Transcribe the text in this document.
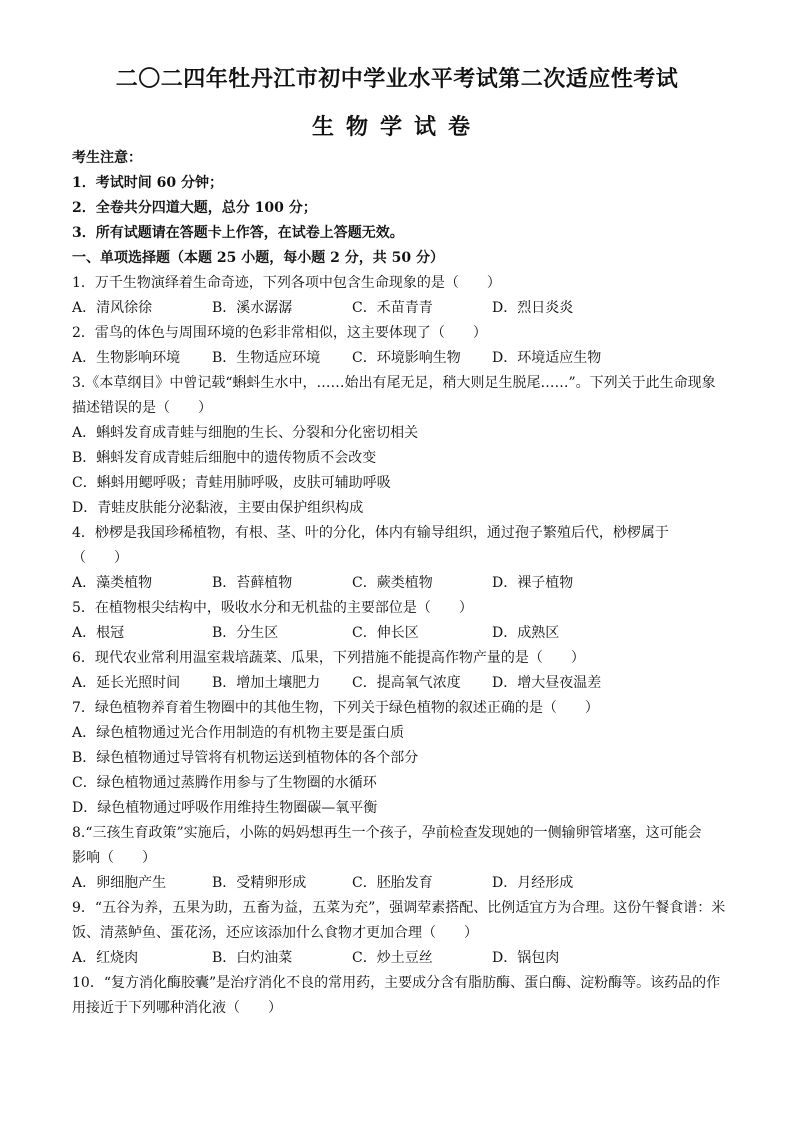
二〇二四年牡丹江市初中学业水平考试第二次适应性考试
生物学试卷
考生注意：
1．考试时间 60 分钟；
2．全卷共分四道大题，总分 100 分；
3．所有试题请在答题卡上作答，在试卷上答题无效。
一、单项选择题（本题 25 小题，每小题 2 分，共 50 分）
1．万千生物演绎着生命奇迹，下列各项中包含生命现象的是（　　）
A．清风徐徐	B．溪水潺潺	C．禾苗青青	D．烈日炎炎
2．雷鸟的体色与周围环境的色彩非常相似，这主要体现了（　　）
A．生物影响环境	B．生物适应环境	C．环境影响生物	D．环境适应生物
3.《本草纲目》中曾记载“蝌蚪生水中，……始出有尾无足，稍大则足生脱尾……”。下列关于此生命现象
描述错误的是（　　）
A．蝌蚪发育成青蛙与细胞的生长、分裂和分化密切相关
B．蝌蚪发育成青蛙后细胞中的遗传物质不会改变
C．蝌蚪用鳃呼吸；青蛙用肺呼吸，皮肤可辅助呼吸
D．青蛙皮肤能分泌黏液，主要由保护组织构成
4．桫椤是我国珍稀植物，有根、茎、叶的分化，体内有输导组织，通过孢子繁殖后代，桫椤属于
（　　）
A．藻类植物	B．苔藓植物	C．蕨类植物	D．裸子植物
5．在植物根尖结构中，吸收水分和无机盐的主要部位是（　　）
A．根冠	B．分生区	C．伸长区	D．成熟区
6．现代农业常利用温室栽培蔬菜、瓜果，下列措施不能提高作物产量的是（　　）
A．延长光照时间	B．增加土壤肥力	C．提高氧气浓度	D．增大昼夜温差
7．绿色植物养育着生物圈中的其他生物，下列关于绿色植物的叙述正确的是（　　）
A．绿色植物通过光合作用制造的有机物主要是蛋白质
B．绿色植物通过导管将有机物运送到植物体的各个部分
C．绿色植物通过蒸腾作用参与了生物圈的水循环
D．绿色植物通过呼吸作用维持生物圈碳—氧平衡
8.“三孩生育政策”实施后，小陈的妈妈想再生一个孩子，孕前检查发现她的一侧输卵管堵塞，这可能会
影响（　　）
A．卵细胞产生	B．受精卵形成	C．胚胎发育	D．月经形成
9．“五谷为养，五果为助，五畜为益，五菜为充”，强调荤素搭配、比例适宜方为合理。这份午餐食谱：米
饭、清蒸鲈鱼、蛋花汤，还应该添加什么食物才更加合理（　　）
A．红烧肉	B．白灼油菜	C．炒土豆丝	D．锅包肉
10．“复方消化酶胶囊”是治疗消化不良的常用药，主要成分含有脂肪酶、蛋白酶、淀粉酶等。该药品的作
用接近于下列哪种消化液（　　）
